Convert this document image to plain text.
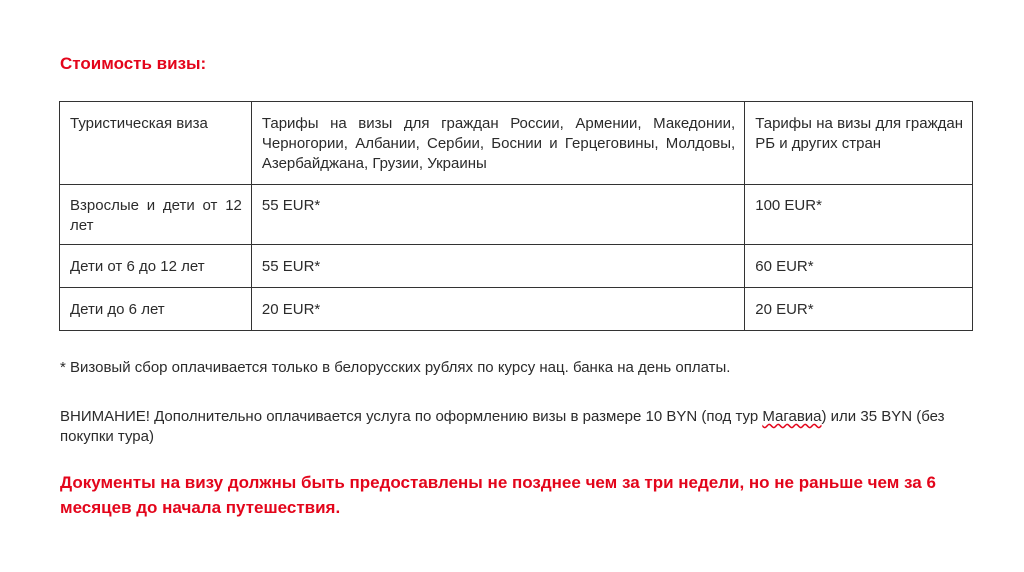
Стоимость визы:
Туристическая виза	Тарифы на визы для граждан России, Армении, Македонии, Черногории, Албании, Сербии, Боснии и Герцеговины, Молдовы, Азербайджана, Грузии, Украины	Тарифы на визы для граждан РБ и других стран
Взрослые и дети от 12 лет	55 EUR*	100 EUR*
Дети от 6 до 12 лет	55 EUR*	60 EUR*
Дети до 6 лет	20 EUR*	20 EUR*

* Визовый сбор оплачивается только в белорусских рублях по курсу нац. банка на день оплаты.

ВНИМАНИЕ! Дополнительно оплачивается услуга по оформлению визы в размере 10 BYN (под тур Магавиа) или 35 BYN (без покупки тура)

Документы на визу должны быть предоставлены не позднее чем за три недели, но не раньше чем за 6 месяцев до начала путешествия.
